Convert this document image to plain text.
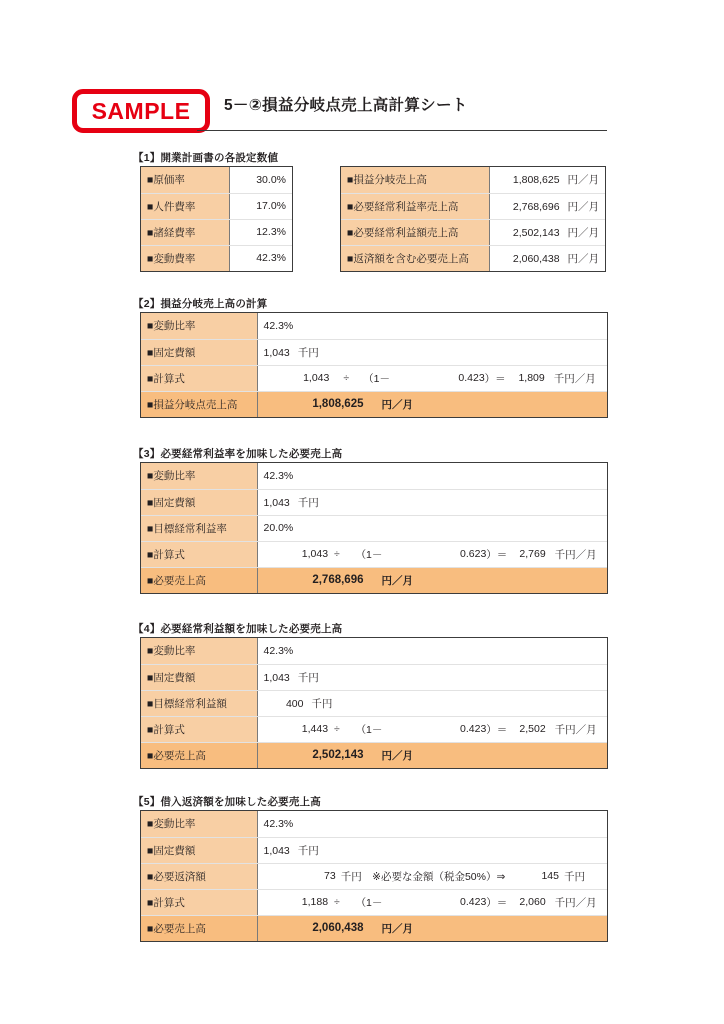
SAMPLE 5－②損益分岐点売上高計算シート
【1】開業計画書の各設定数値
■原価率	30.0%
■人件費率	17.0%
■諸経費率	12.3%
■変動費率	42.3%
■損益分岐売上高	1,808,625 円／月
■必要経常利益率売上高	2,768,696 円／月
■必要経常利益額売上高	2,502,143 円／月
■返済額を含む必要売上高	2,060,438 円／月
【2】損益分岐売上高の計算
■変動比率	42.3%
■固定費額	1,043 千円
■計算式	1,043	÷	（1－	0.423 ）＝	1,809 千円／月

■損益分岐点売上高	1,808,625 円／月
【3】必要経常利益率を加味した必要売上高
■変動比率	42.3%
■固定費額	1,043 千円
■目標経常利益率	20.0%
■計算式	1,043 ÷	（1－	0.623 ）＝	2,769 千円／月

■必要売上高	2,768,696 円／月
【4】必要経常利益額を加味した必要売上高
■変動比率	42.3%
■固定費額	1,043 千円
■目標経常利益額	400 千円
■計算式	1,443 ÷	（1－	0.423 ）＝	2,502 千円／月

■必要売上高	2,502,143 円／月
【5】借入返済額を加味した必要売上高
■変動比率	42.3%
■固定費額	1,043 千円
■必要返済額	73 千円 ※必要な金額（税金50%）⇒ 145 千円

■計算式	1,188 ÷	（1－	0.423 ）＝	2,060 千円／月

■必要売上高	2,060,438 円／月
